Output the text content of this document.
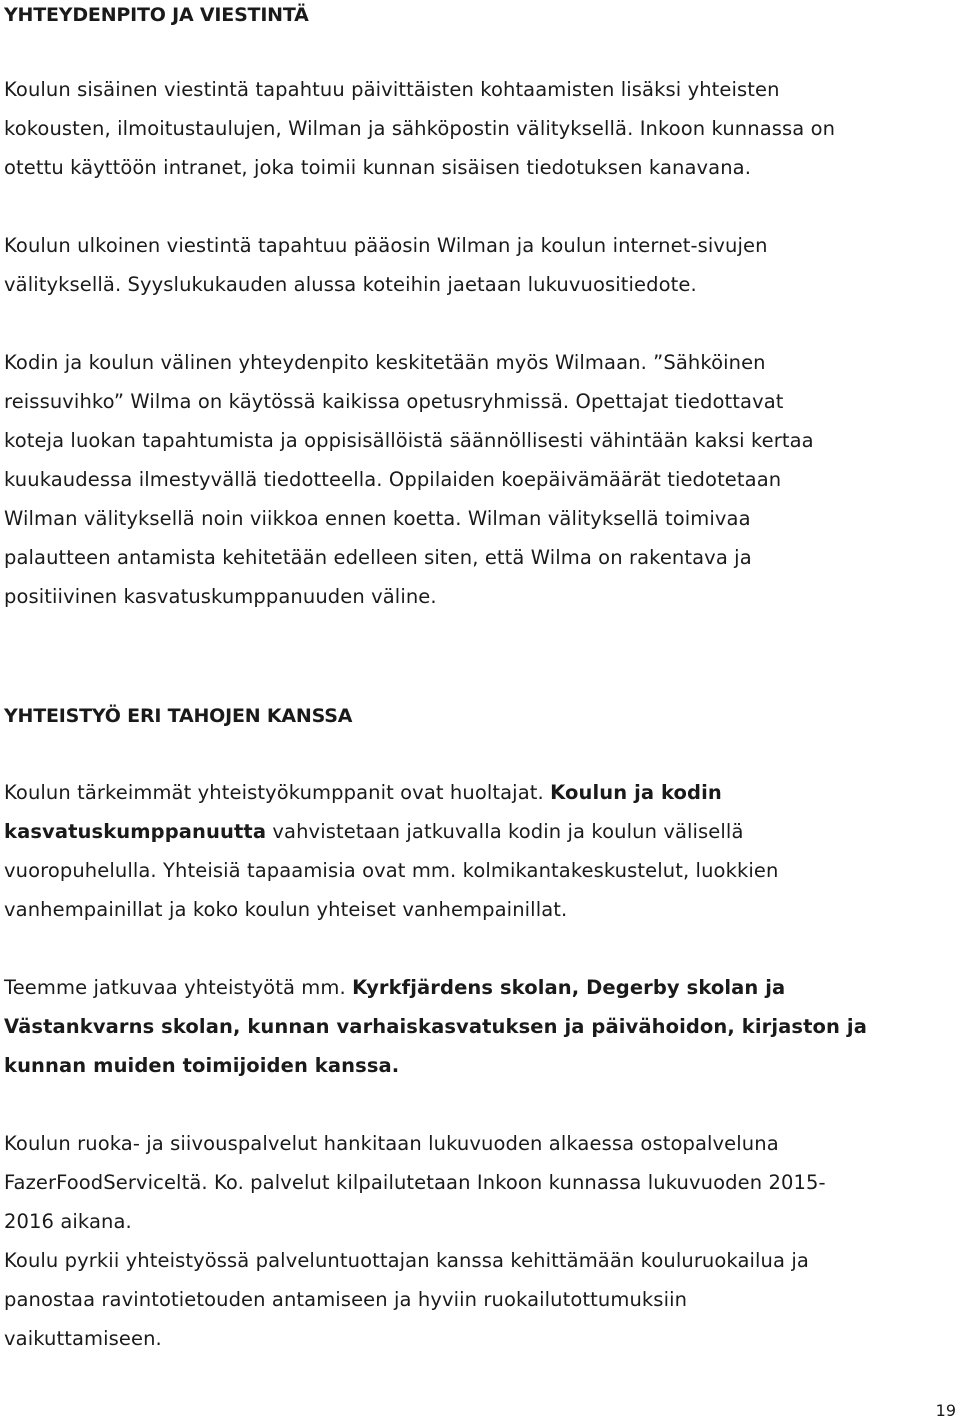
YHTEYDENPITO JA VIESTINTÄ

Koulun sisäinen viestintä tapahtuu päivittäisten kohtaamisten lisäksi yhteisten
kokousten, ilmoitustaulujen, Wilman ja sähköpostin välityksellä. Inkoon kunnassa on
otettu käyttöön intranet, joka toimii kunnan sisäisen tiedotuksen kanavana.

Koulun ulkoinen viestintä tapahtuu pääosin Wilman ja koulun internet-sivujen
välityksellä. Syyslukukauden alussa koteihin jaetaan lukuvuositiedote.

Kodin ja koulun välinen yhteydenpito keskitetään myös Wilmaan. ”Sähköinen
reissuvihko” Wilma on käytössä kaikissa opetusryhmissä. Opettajat tiedottavat
koteja luokan tapahtumista ja oppisisällöistä säännöllisesti vähintään kaksi kertaa
kuukaudessa ilmestyvällä tiedotteella. Oppilaiden koepäivämäärät tiedotetaan
Wilman välityksellä noin viikkoa ennen koetta. Wilman välityksellä toimivaa
palautteen antamista kehitetään edelleen siten, että Wilma on rakentava ja
positiivinen kasvatuskumppanuuden väline.

YHTEISTYÖ ERI TAHOJEN KANSSA

Koulun tärkeimmät yhteistyökumppanit ovat huoltajat. Koulun ja kodin
kasvatuskumppanuutta vahvistetaan jatkuvalla kodin ja koulun välisellä
vuoropuhelulla. Yhteisiä tapaamisia ovat mm. kolmikantakeskustelut, luokkien
vanhempainillat ja koko koulun yhteiset vanhempainillat.

Teemme jatkuvaa yhteistyötä mm. Kyrkfjärdens skolan, Degerby skolan ja
Västankvarns skolan, kunnan varhaiskasvatuksen ja päivähoidon, kirjaston ja
kunnan muiden toimijoiden kanssa.

Koulun ruoka- ja siivouspalvelut hankitaan lukuvuoden alkaessa ostopalveluna
FazerFoodServiceltä. Ko. palvelut kilpailutetaan Inkoon kunnassa lukuvuoden 2015-
2016 aikana.
Koulu pyrkii yhteistyössä palveluntuottajan kanssa kehittämään kouluruokailua ja
panostaa ravintotietouden antamiseen ja hyviin ruokailutottumuksiin
vaikuttamiseen.

19
